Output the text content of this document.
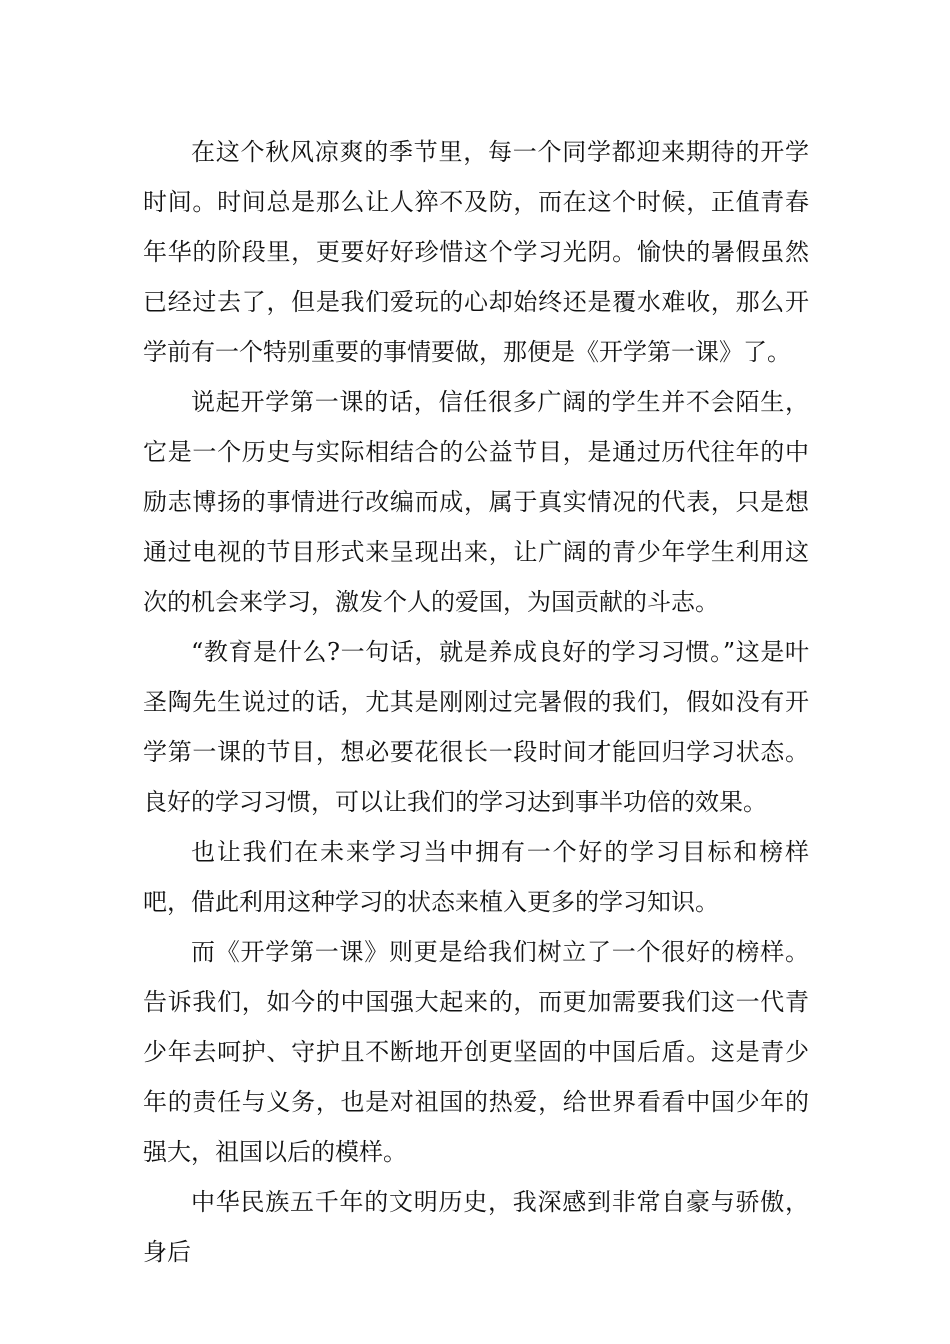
在这个秋风凉爽的季节里，每一个同学都迎来期待的开学时间。时间总是那么让人猝不及防，而在这个时候，正值青春年华的阶段里，更要好好珍惜这个学习光阴。愉快的暑假虽然已经过去了，但是我们爱玩的心却始终还是覆水难收，那么开学前有一个特别重要的事情要做，那便是《开学第一课》了。

说起开学第一课的话，信任很多广阔的学生并不会陌生，它是一个历史与实际相结合的公益节目，是通过历代往年的中励志博扬的事情进行改编而成，属于真实情况的代表，只是想通过电视的节目形式来呈现出来，让广阔的青少年学生利用这次的机会来学习，激发个人的爱国，为国贡献的斗志。

“教育是什么?一句话，就是养成良好的学习习惯。”这是叶圣陶先生说过的话，尤其是刚刚过完暑假的我们，假如没有开学第一课的节目，想必要花很长一段时间才能回归学习状态。良好的学习习惯，可以让我们的学习达到事半功倍的效果。

也让我们在未来学习当中拥有一个好的学习目标和榜样吧，借此利用这种学习的状态来植入更多的学习知识。

而《开学第一课》则更是给我们树立了一个很好的榜样。告诉我们，如今的中国强大起来的，而更加需要我们这一代青少年去呵护、守护且不断地开创更坚固的中国后盾。这是青少年的责任与义务，也是对祖国的热爱，给世界看看中国少年的强大，祖国以后的模样。

中华民族五千年的文明历史，我深感到非常自豪与骄傲，身后
